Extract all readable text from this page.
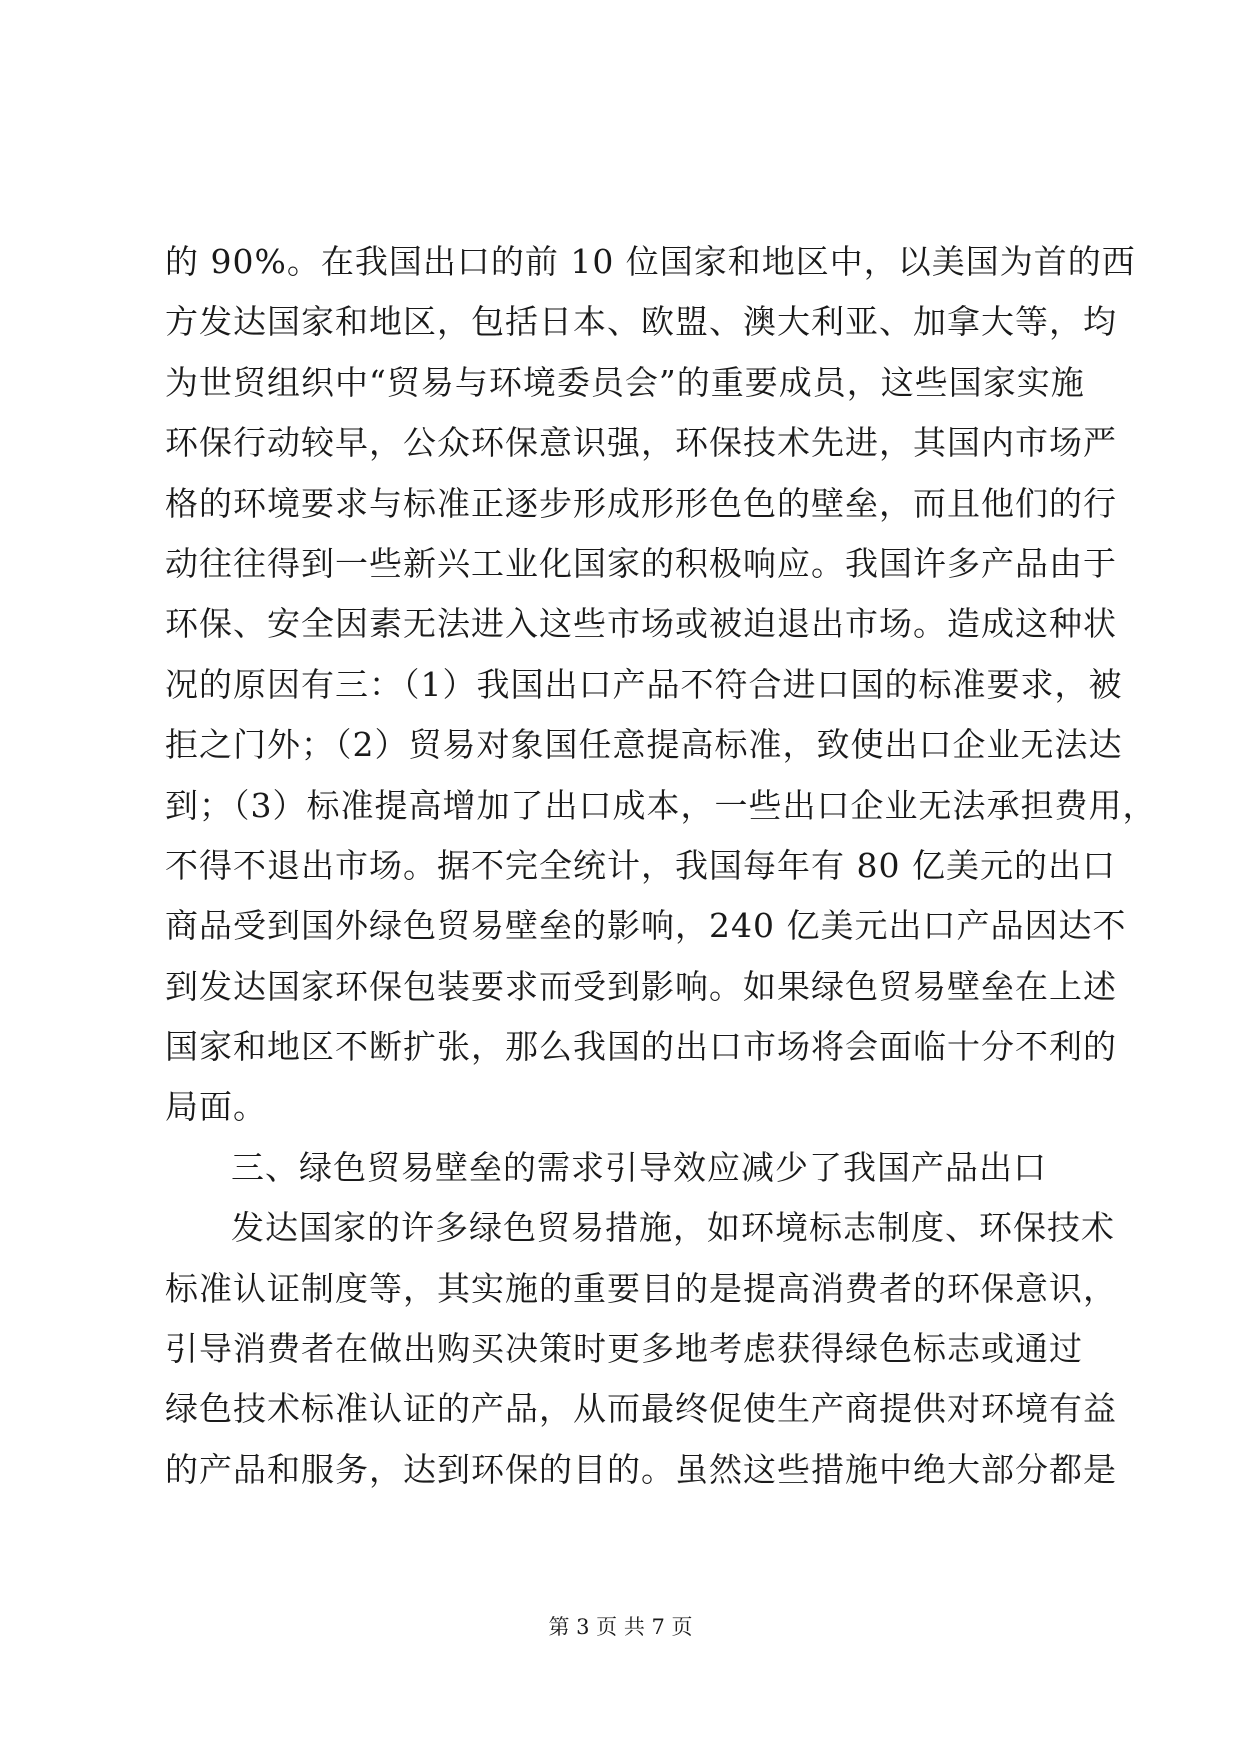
的 90%。在我国出口的前 10 位国家和地区中，以美国为首的西
方发达国家和地区，包括日本、欧盟、澳大利亚、加拿大等，均
为世贸组织中“贸易与环境委员会”的重要成员，这些国家实施
环保行动较早，公众环保意识强，环保技术先进，其国内市场严
格的环境要求与标准正逐步形成形形色色的壁垒，而且他们的行
动往往得到一些新兴工业化国家的积极响应。我国许多产品由于
环保、安全因素无法进入这些市场或被迫退出市场。造成这种状
况的原因有三：（1）我国出口产品不符合进口国的标准要求，被
拒之门外；（2）贸易对象国任意提高标准，致使出口企业无法达
到；（3）标准提高增加了出口成本，一些出口企业无法承担费用，
不得不退出市场。据不完全统计，我国每年有 80 亿美元的出口
商品受到国外绿色贸易壁垒的影响，240 亿美元出口产品因达不
到发达国家环保包装要求而受到影响。如果绿色贸易壁垒在上述
国家和地区不断扩张，那么我国的出口市场将会面临十分不利的
局面。
三、绿色贸易壁垒的需求引导效应减少了我国产品出口
发达国家的许多绿色贸易措施，如环境标志制度、环保技术
标准认证制度等，其实施的重要目的是提高消费者的环保意识，
引导消费者在做出购买决策时更多地考虑获得绿色标志或通过
绿色技术标准认证的产品，从而最终促使生产商提供对环境有益
的产品和服务，达到环保的目的。虽然这些措施中绝大部分都是
第 3 页 共 7 页
